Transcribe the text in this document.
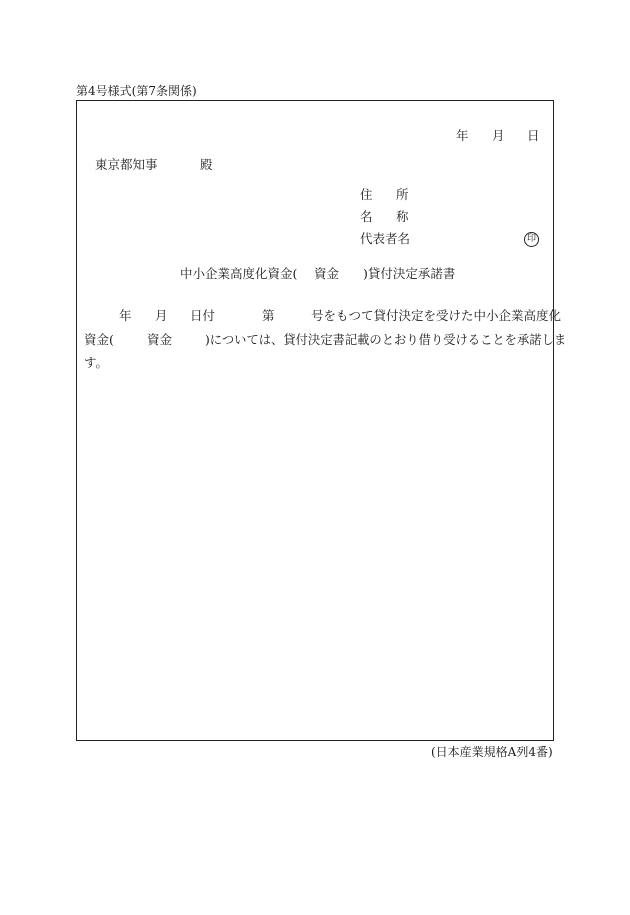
第4号様式(第7条関係)
年 月 日
東京都知事	殿
住 所
名 称
代表者名	印
中小企業高度化資金( 資金 )貸付決定承諾書
年 月 日付	第	号をもつて貸付決定を受けた中小企業高度化
資金(	資金	)については、貸付決定書記載のとおり借り受けることを承諾しま
す。
(日本産業規格A列4番)
